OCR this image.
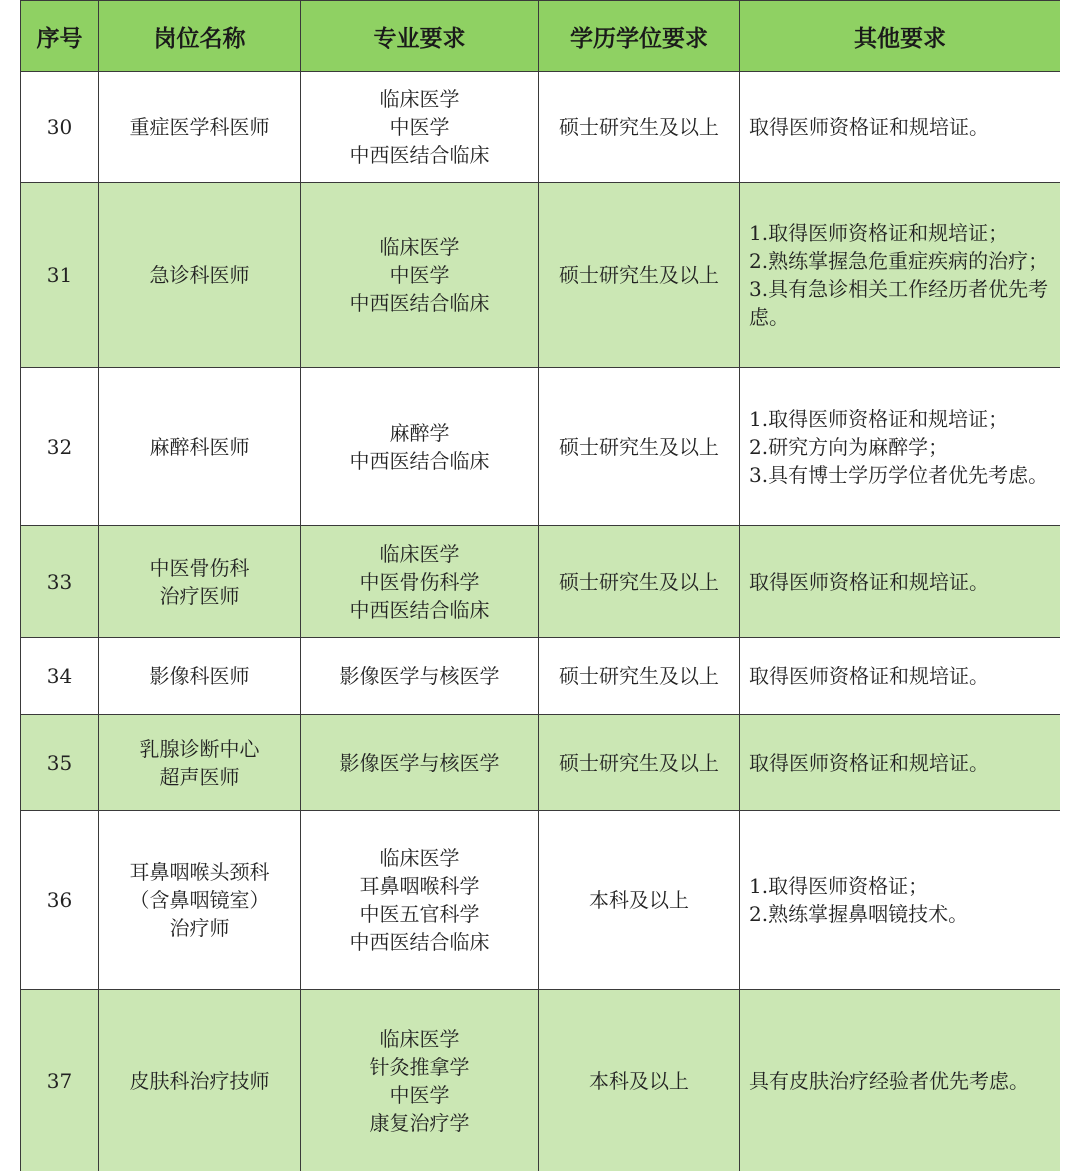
序号	岗位名称	专业要求	学历学位要求	其他要求
30	重症医学科医师	临床医学
中医学
中西医结合临床	硕士研究生及以上	取得医师资格证和规培证。

31	急诊科医师	临床医学
中医学
中西医结合临床	硕士研究生及以上	1.取得医师资格证和规培证；
2.熟练掌握急危重症疾病的治疗；
3.具有急诊相关工作经历者优先考虑。

32	麻醉科医师	麻醉学
中西医结合临床	硕士研究生及以上	1.取得医师资格证和规培证；
2.研究方向为麻醉学；
3.具有博士学历学位者优先考虑。

33	中医骨伤科
治疗医师	临床医学
中医骨伤科学
中西医结合临床	硕士研究生及以上	取得医师资格证和规培证。

34	影像科医师	影像医学与核医学	硕士研究生及以上	取得医师资格证和规培证。

35	乳腺诊断中心
超声医师	影像医学与核医学	硕士研究生及以上	取得医师资格证和规培证。

36	耳鼻咽喉头颈科
（含鼻咽镜室）
治疗师	临床医学
耳鼻咽喉科学
中医五官科学
中西医结合临床	本科及以上	1.取得医师资格证；
2.熟练掌握鼻咽镜技术。

37	皮肤科治疗技师	临床医学
针灸推拿学
中医学
康复治疗学	本科及以上	具有皮肤治疗经验者优先考虑。
